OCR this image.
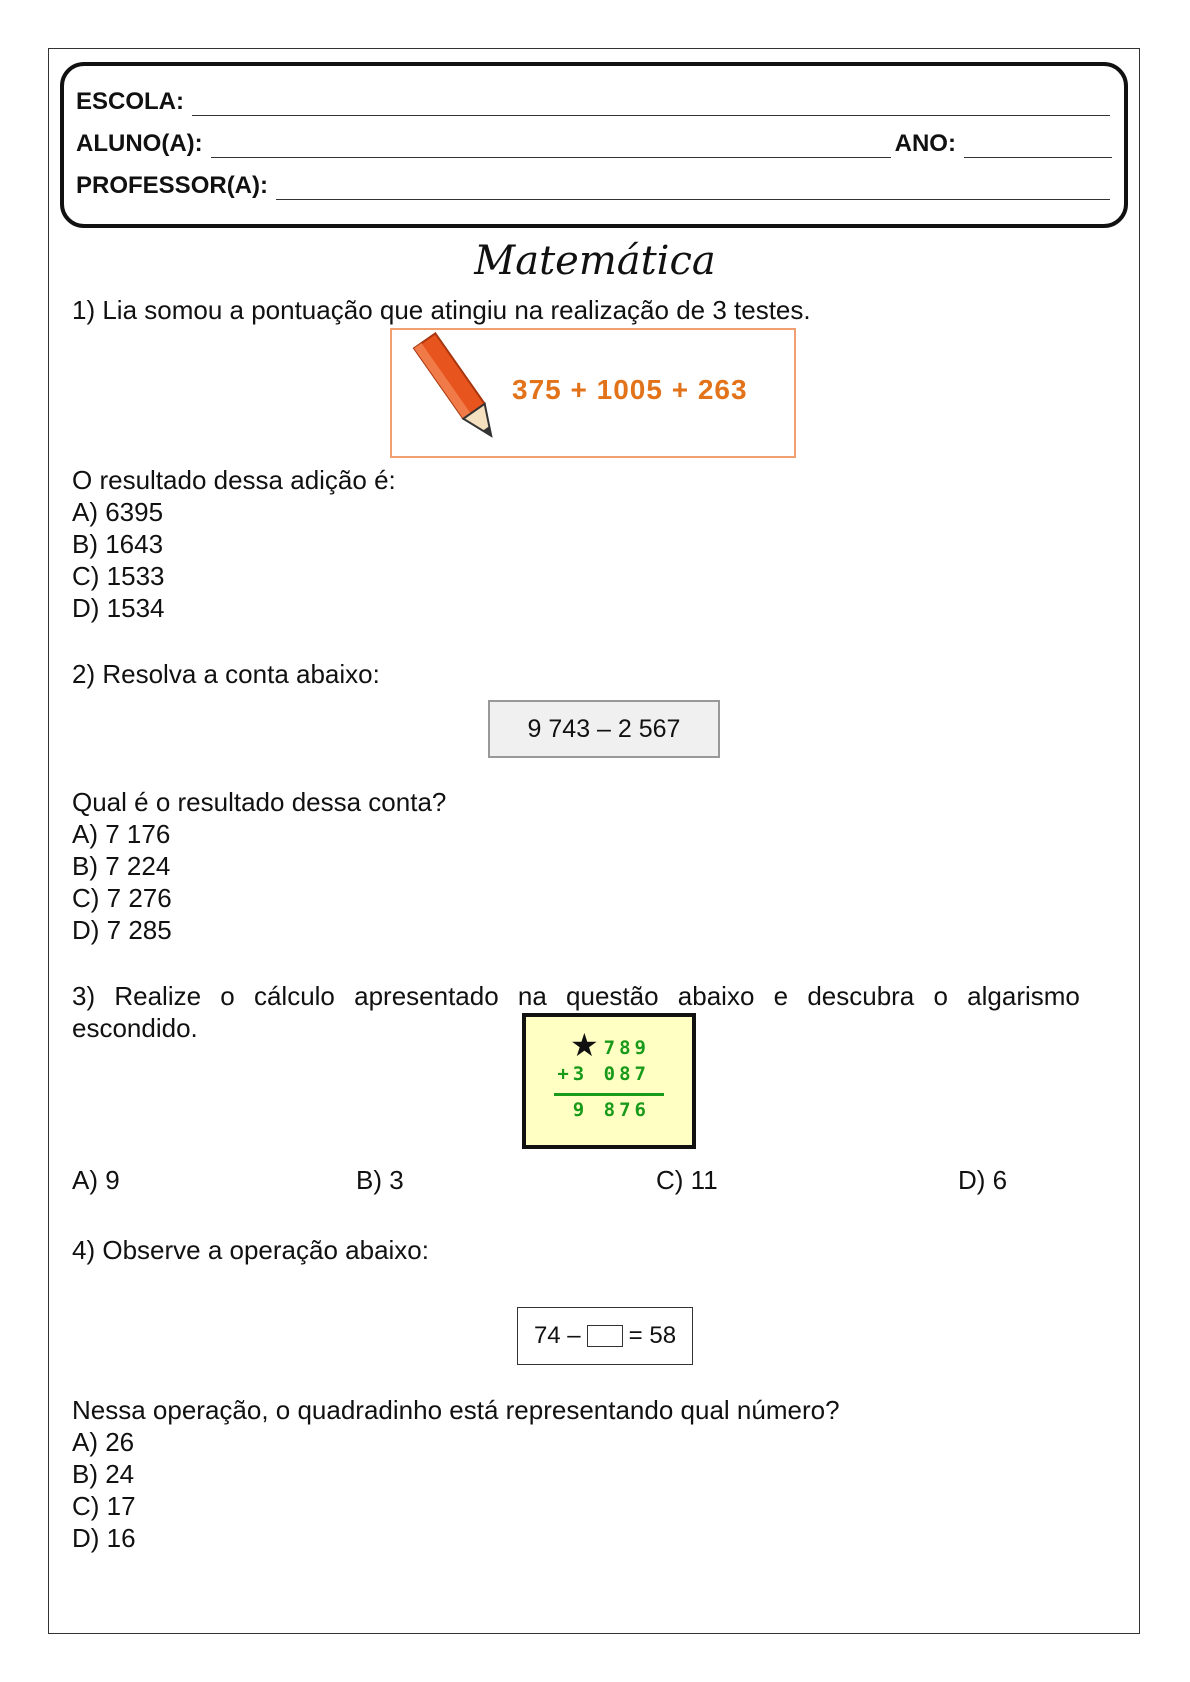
ESCOLA:
ALUNO(A):	ANO:
PROFESSOR(A):
Matemática
1) Lia somou a pontuação que atingiu na realização de 3 testes.
375 + 1005 + 263
O resultado dessa adição é:
A) 6395
B) 1643
C) 1533
D) 1534
2) Resolva a conta abaixo:
9 743 – 2 567
Qual é o resultado dessa conta?
A) 7 176
B) 7 224
C) 7 276
D) 7 285
3) Realize o cálculo apresentado na questão abaixo e descubra o algarismo
escondido.	★ 789
+3 087
9 876
A) 9	B) 3	C) 11	D) 6
4) Observe a operação abaixo:
74 – = 58
Nessa operação, o quadradinho está representando qual número?
A) 26
B) 24
C) 17
D) 16
